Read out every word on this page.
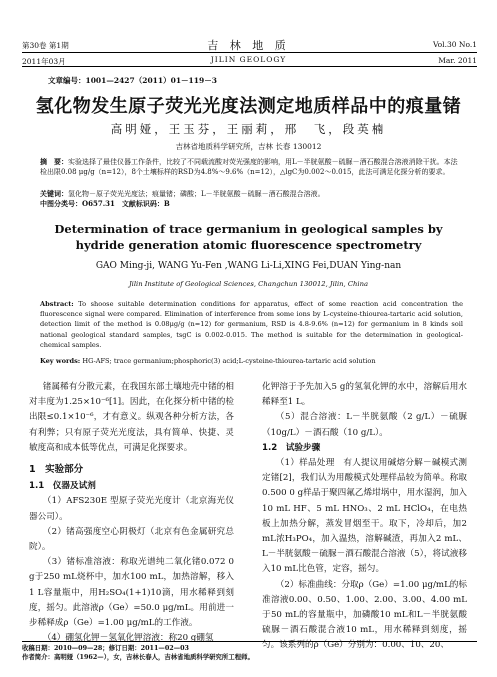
第30卷 第1期
2011年03月
吉 林 地 质
JILIN GEOLOGY
Vol.30 No.1
Mar. 2011
文章编号：1001—2427（2011）01－119－3
氢化物发生原子荧光光度法测定地质样品中的痕量锗
高明娅，王玉芬，王丽莉，邢　飞，段英楠
吉林省地质科学研究所，吉林 长春 130012
摘　要：实验选择了最佳仪器工作条件，比较了不同载流酸对荧光强度的影响，用L－半胱氨酸－硫脲－酒石酸混合溶液消除干扰。本法检出限0.08 μg/g（n=12），8个土壤标样的RSD为4.8%～9.6%（n=12），△lgC为0.002～0.015，此法可满足化探分析的要求。
关键词：氢化物－原子荧光光度法；痕量锗；磷酸；L－半胱氨酸－硫脲－酒石酸混合溶液。
中图分类号：O657.31　文献标识码：B
Determination of trace germanium in geological samples by
hydride generation atomic fluorescence spectrometry
GAO Ming-ji, WANG Yu-Fen ,WANG Li-Li,XING Fei,DUAN Ying-nan
Jilin Institute of Geological Sciences, Changchun 130012, Jilin, China
Abstract: To shoose suitable determination conditions for apparatus, effect of some reaction acid concentration the fluorescence signal were compared. Elimination of interference from some ions by L-cysteine-thiourea-tartaric acid solution, detection limit of the method is 0.08μg/g (n=12) for germanium, RSD is 4.8-9.6% (n=12) for germanium in 8 kinds soil national geological standard samples, tsgC is 0.002-0.015. The method is suitable for the determination in geological-chemical samples.
Key words: HG-AFS; trace germanium;phosphoric(3) acid;L-cysteine-thiourea-tartaric acid solution

锗属稀有分散元素，在我国东部土壤地壳中锗的相对丰度为1.25×10⁻⁶[1]。因此，在化探分析中锗的检出限≤0.1×10⁻⁶，才有意义。纵观各种分析方法，各有利弊；只有原子荧光光度法，具有简单、快捷、灵敏度高和成本低等优点，可满足化探要求。

1　实验部分

1.1　仪器及试剂

（1）AFS230E 型原子荧光光度计（北京海光仪器公司）。

（2）锗高强度空心阴极灯（北京有色金属研究总院）。

（3）锗标准溶液：称取光谱纯二氧化锗0.072 0 g于250 mL烧杯中，加水100 mL，加热溶解，移入1 L容量瓶中，用H₂SO₄(1+1)10滴，用水稀释到刻度，摇匀。此溶液ρ（Ge）=50.0 μg/mL。用前进一步稀释成ρ（Ge）=1.00 μg/mL的工作液。

（4）硼氢化钾－氢氧化钾溶液：称20 g硼氢

化钾溶于予先加入5 g的氢氧化钾的水中，溶解后用水稀释至1 L。

（5）混合溶液：L－半胱氨酸（2 g/L）－硫脲（10g/L）－酒石酸（10 g/L）。

1.2　试验步骤

（1）样品处理　有人提议用碱熔分解－碱模式测定锗[2]，我们认为用酸模式处理样品较为简单。称取0.500 0 g样品于聚四氟乙烯坩埚中，用水湿润，加入10 mL HF、5 mL HNO₃、2 mL HClO₄，在电热板上加热分解，蒸发冒烟至干。取下，冷却后，加2 mL浓H₃PO₄，加入温热，溶解碱渣，再加入2 mL、L－半胱氨酸－硫脲－酒石酸混合溶液（5），将试液移入10 mL比色管，定容，摇匀。

（2）标准曲线：分取ρ（Ge）=1.00 μg/mL的标准溶液0.00、0.50、1.00、2.00、3.00、4.00 mL于50 mL的容量瓶中，加磷酸10 mL和L－半胱氨酸硫脲－酒石酸混合液10 mL，用水稀释到刻度，摇匀。该系列的ρ（Ge）分别为：0.00、10、20、

收稿日期：2010—09—28；修订日期：2011—02—03
作者简介：高明娅（1962—），女，吉林长春人，吉林省地质科学研究所工程师。
